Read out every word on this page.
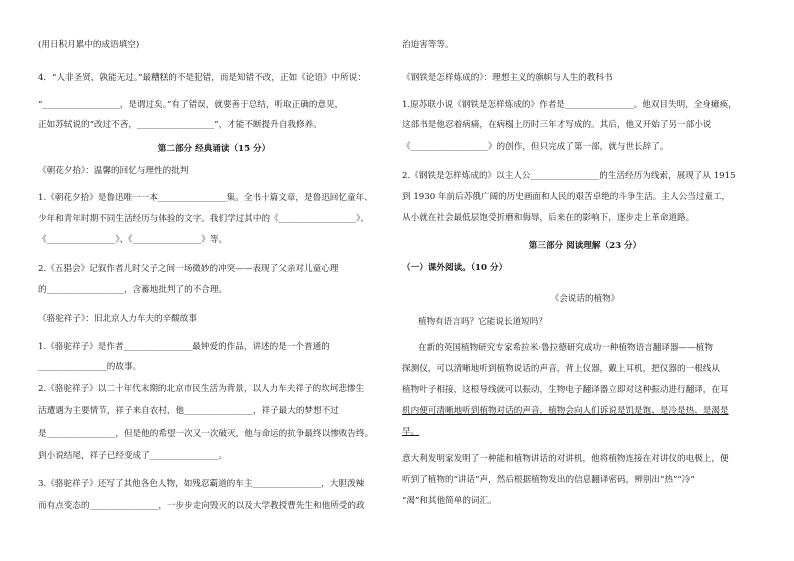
(用日积月累中的成语填空)
4．“人非圣贤，孰能无过。”最糟糕的不是犯错，而是知错不改，正如《论语》中所说：
“__________________，是谓过矣。”有了错误，就要善于总结，听取正确的意见，
正如苏轼说的“改过不吝，__________________”，才能不断提升自我修养。
第二部分 经典诵读（15 分）
《朝花夕拾》：温馨的回忆与理性的批判
1.《朝花夕拾》是鲁迅唯一一本________________集。全书十篇文章，是鲁迅回忆童年、
少年和青年时期不同生活经历与体验的文字。我们学过其中的《__________________》、
《________________》、《________________》等。
2.《五猖会》记叙作者儿时父子之间一场微妙的冲突——表现了父亲对儿童心理
的__________________，含蓄地批判了的不合理。
《骆驼祥子》：旧北京人力车夫的辛酸故事
1.《骆驼祥子》是作者________________最钟爱的作品，讲述的是一个普通的
________________的故事。
2.《骆驼祥子》以二十年代末期的北京市民生活为背景，以人力车夫祥子的坎坷悲惨生
活遭遇为主要情节，祥子来自农村，他________________，祥子最大的梦想不过
是________________，但是他的希望一次又一次破灭，他与命运的抗争最终以惨败告终。
到小说结尾，祥子已经变成了________________。
3.《骆驼祥子》还写了其他各色人物，如残忍霸道的车主________________，大胆泼辣
而有点变态的________________，一步步走向毁灭的以及大学教授曹先生和他所受的政
治迫害等等。
《钢铁是怎样炼成的》：理想主义的旗帜与人生的教科书
1.原苏联小说《钢铁是怎样炼成的》作者是________________。他双目失明，全身瘫痪，
这部书是他忍着病痛，在病榻上历时三年才写成的。其后，他又开始了另一部小说
《__________________》的创作，但只完成了第一部，就与世长辞了。
2.《钢铁是怎样炼成的》以主人公________________的生活经历为线索，展现了从 1915
到 1930 年前后苏俄广阔的历史画面和人民的艰苦卓绝的斗争生活。主人公当过童工，
从小就在社会最低层饱受折磨和侮辱，后来在的影响下，逐步走上革命道路。
第三部分 阅读理解（23 分）
（一）课外阅读。（10 分）
《会说话的植物》
植物有语言吗？它能说长道短吗？
在新的英国植物研究专家希拉米·鲁拉德研究成功一种植物语言翻译器——植物
探测仪，可以清晰地听到植物说话的声音，背上仪器，戴上耳机，把仪器的一根线从
植物叶子相接，这根导线就可以振动，生物电子翻译器立即对这种振动进行翻译，在耳
机内便可清晰地听到植物对话的声音，植物会向人们诉说是饥是饱、是冷是热、是渴是
早。
意大利发明家发明了一种能和植物讲话的对讲机，他将植物连接在对讲仪的电极上，便
听到了植物的“讲话”声，然后根据植物发出的信息翻译密码，辨别出“热”“冷”
“渴”和其他简单的词汇。
